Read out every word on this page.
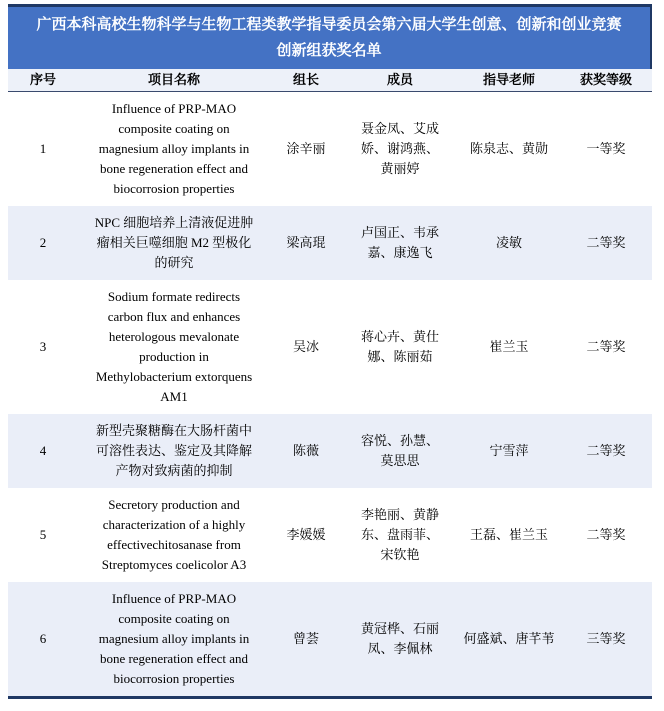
广西本科高校生物科学与生物工程类教学指导委员会第六届大学生创意、创新和创业竞赛
创新组获奖名单
序号	项目名称	组长	成员	指导老师	获奖等级
1	Influence of PRP-MAO composite coating on magnesium alloy implants in bone regeneration effect and biocorrosion properties	涂辛丽	聂金凤、艾成娇、谢鸿燕、黄丽婷	陈泉志、黄勋	一等奖
2	NPC 细胞培养上清液促进肿瘤相关巨噬细胞 M2 型极化的研究	梁高琨	卢国正、韦承嘉、康逸飞	凌敏	二等奖
3	Sodium formate redirects carbon flux and enhances heterologous mevalonate production in Methylobacterium extorquens AM1	吴冰	蒋心卉、黄仕娜、陈丽茹	崔兰玉	二等奖
4	新型壳聚糖酶在大肠杆菌中可溶性表达、鉴定及其降解产物对致病菌的抑制	陈薇	容悦、孙慧、莫思思	宁雪萍	二等奖
5	Secretory production and characterization of a highly effectivechitosanase from Streptomyces coelicolor A3	李媛媛	李艳丽、黄静东、盘雨菲、宋钦艳	王磊、崔兰玉	二等奖
6	Influence of PRP-MAO composite coating on magnesium alloy implants in bone regeneration effect and biocorrosion properties	曾荟	黄冠桦、石丽凤、李佩林	何盛斌、唐芊苇	三等奖
